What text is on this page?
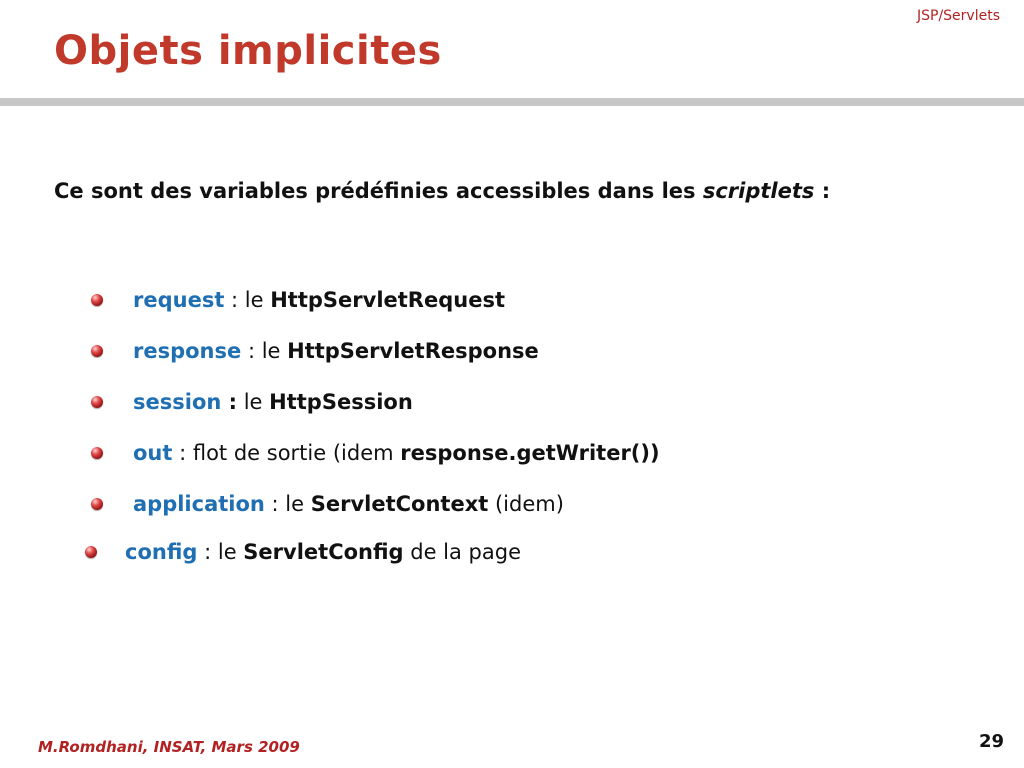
JSP/Servlets
Objets implicites
Ce sont des variables prédéfinies accessibles dans les scriptlets :
request : le HttpServletRequest
response : le HttpServletResponse
session : le HttpSession
out : flot de sortie (idem response.getWriter())
application : le ServletContext (idem)
config : le ServletConfig de la page
M.Romdhani, INSAT, Mars 2009	29
